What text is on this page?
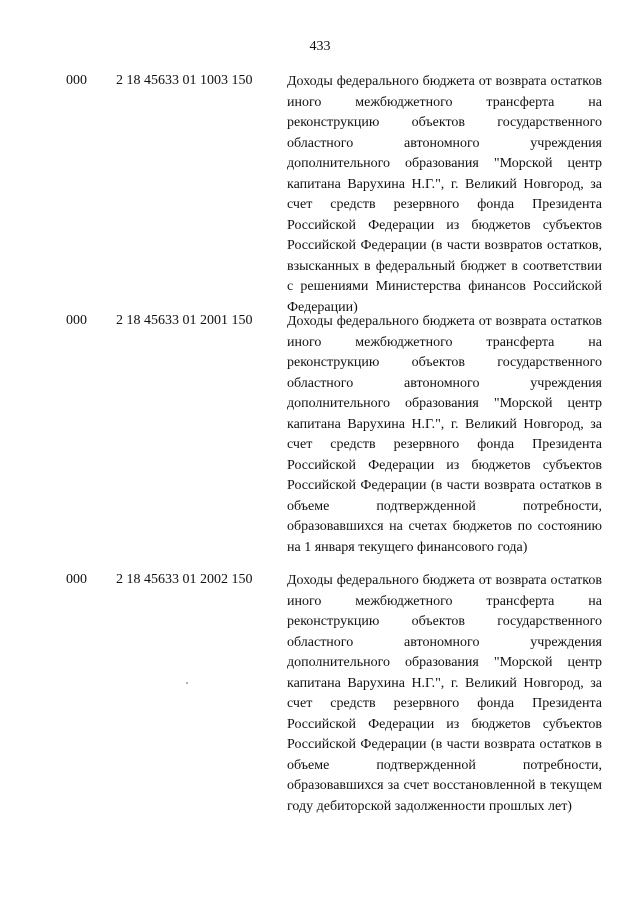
433
000 2 18 45633 01 1003 150 Доходы федерального бюджета от возврата остатков иного межбюджетного трансферта на реконструкцию объектов государственного областного автономного учреждения дополнительного образования "Морской центр капитана Варухина Н.Г.", г. Великий Новгород, за счет средств резервного фонда Президента Российской Федерации из бюджетов субъектов Российской Федерации (в части возвратов остатков, взысканных в федеральный бюджет в соответствии с решениями Министерства финансов Российской Федерации)
000 2 18 45633 01 2001 150 Доходы федерального бюджета от возврата остатков иного межбюджетного трансферта на реконструкцию объектов государственного областного автономного учреждения дополнительного образования "Морской центр капитана Варухина Н.Г.", г. Великий Новгород, за счет средств резервного фонда Президента Российской Федерации из бюджетов субъектов Российской Федерации (в части возврата остатков в объеме подтвержденной потребности, образовавшихся на счетах бюджетов по состоянию на 1 января текущего финансового года)
000 2 18 45633 01 2002 150 Доходы федерального бюджета от возврата остатков иного межбюджетного трансферта на реконструкцию объектов государственного областного автономного учреждения дополнительного образования "Морской центр капитана Варухина Н.Г.", г. Великий Новгород, за счет средств резервного фонда Президента Российской Федерации из бюджетов субъектов Российской Федерации (в части возврата остатков в объеме подтвержденной потребности, образовавшихся за счет восстановленной в текущем году дебиторской задолженности прошлых лет)
